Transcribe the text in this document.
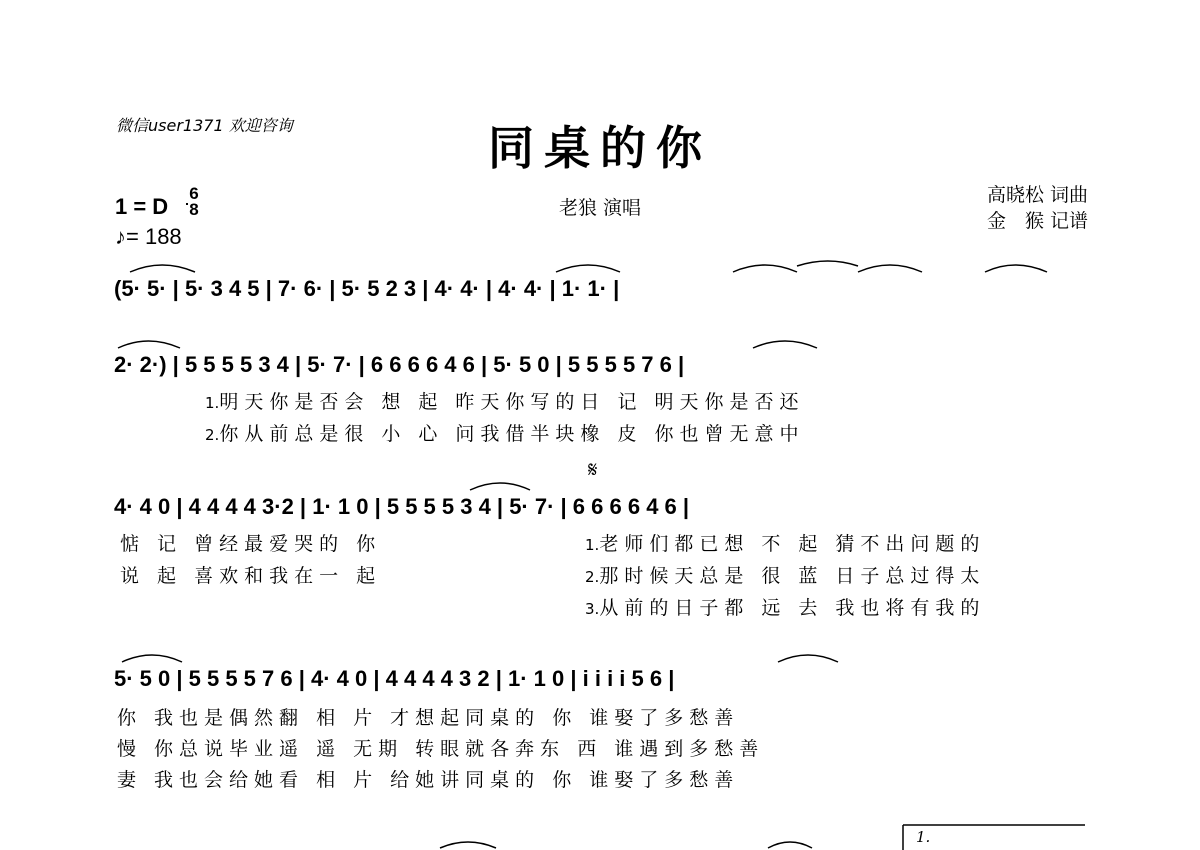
微信user1371 欢迎咨询	同桌的你
老狼 演唱
高晓松 词曲
金　猴 记谱
1 = D
6
8
♪= 188
(5· 5· | 5· 3 4 5 | 7· 6· | 5· 5 2 3 | 4· 4· | 4· 4· | 1· 1· |
2· 2·) | 5 5 5 5 3 4 | 5· 7· | 6 6 6 6 4 6 | 5· 5 0 | 5 5 5 5 7 6 |
1.明天你是否会 想 起 昨天你写的日 记 明天你是否还
2.你从前总是很 小 心 问我借半块橡 皮 你也曾无意中
𝄋
4· 4 0 | 4 4 4 4 3·2 | 1· 1 0 | 5 5 5 5 3 4 | 5· 7· | 6 6 6 6 4 6 |
惦 记 曾经最爱哭的 你
说 起 喜欢和我在一 起
1.老师们都已想 不 起 猜不出问题的
2.那时候天总是 很 蓝 日子总过得太
3.从前的日子都 远 去 我也将有我的
5· 5 0 | 5 5 5 5 7 6 | 4· 4 0 | 4 4 4 4 3 2 | 1· 1 0 | i i i i 5 6 |
你 我也是偶然翻 相 片 才想起同桌的 你 谁娶了多愁善
慢 你总说毕业遥 遥 无期 转眼就各奔东 西 谁遇到多愁善
妻 我也会给她看 相 片 给她讲同桌的 你 谁娶了多愁善
1.
